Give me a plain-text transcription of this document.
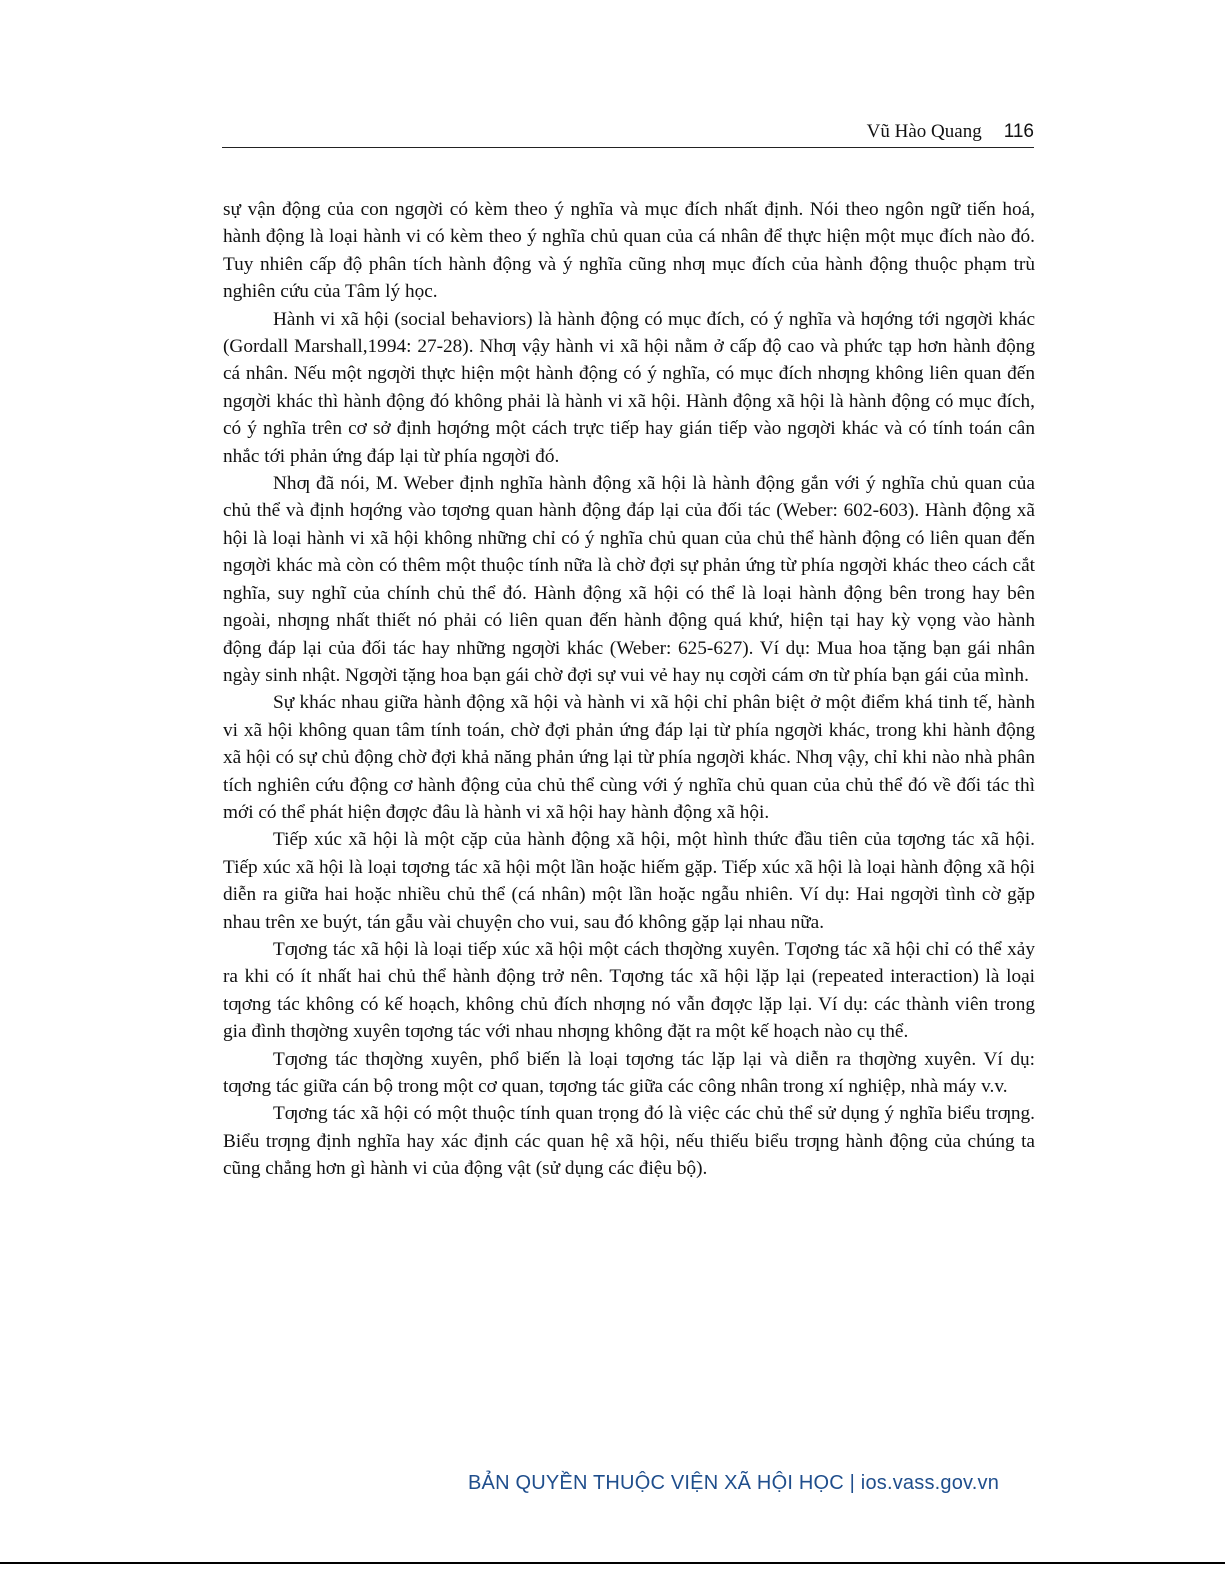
Vũ Hào Quang 116

sự vận động của con ngƣời có kèm theo ý nghĩa và mục đích nhất định. Nói theo ngôn ngữ tiến hoá, hành động là loại hành vi có kèm theo ý nghĩa chủ quan của cá nhân để thực hiện một mục đích nào đó. Tuy nhiên cấp độ phân tích hành động và ý nghĩa cũng nhƣ mục đích của hành động thuộc phạm trù nghiên cứu của Tâm lý học.

Hành vi xã hội (social behaviors) là hành động có mục đích, có ý nghĩa và hƣớng tới ngƣời khác (Gordall Marshall,1994: 27-28). Nhƣ vậy hành vi xã hội nằm ở cấp độ cao và phức tạp hơn hành động cá nhân. Nếu một ngƣời thực hiện một hành động có ý nghĩa, có mục đích nhƣng không liên quan đến ngƣời khác thì hành động đó không phải là hành vi xã hội. Hành động xã hội là hành động có mục đích, có ý nghĩa trên cơ sở định hƣớng một cách trực tiếp hay gián tiếp vào ngƣời khác và có tính toán cân nhắc tới phản ứng đáp lại từ phía ngƣời đó.

Nhƣ đã nói, M. Weber định nghĩa hành động xã hội là hành động gắn với ý nghĩa chủ quan của chủ thể và định hƣớng vào tƣơng quan hành động đáp lại của đối tác (Weber: 602-603). Hành động xã hội là loại hành vi xã hội không những chỉ có ý nghĩa chủ quan của chủ thể hành động có liên quan đến ngƣời khác mà còn có thêm một thuộc tính nữa là chờ đợi sự phản ứng từ phía ngƣời khác theo cách cắt nghĩa, suy nghĩ của chính chủ thể đó. Hành động xã hội có thể là loại hành động bên trong hay bên ngoài, nhƣng nhất thiết nó phải có liên quan đến hành động quá khứ, hiện tại hay kỳ vọng vào hành động đáp lại của đối tác hay những ngƣời khác (Weber: 625-627). Ví dụ: Mua hoa tặng bạn gái nhân ngày sinh nhật. Ngƣời tặng hoa bạn gái chờ đợi sự vui vẻ hay nụ cƣời cám ơn từ phía bạn gái của mình.

Sự khác nhau giữa hành động xã hội và hành vi xã hội chỉ phân biệt ở một điểm khá tinh tế, hành vi xã hội không quan tâm tính toán, chờ đợi phản ứng đáp lại từ phía ngƣời khác, trong khi hành động xã hội có sự chủ động chờ đợi khả năng phản ứng lại từ phía ngƣời khác. Nhƣ vậy, chỉ khi nào nhà phân tích nghiên cứu động cơ hành động của chủ thể cùng với ý nghĩa chủ quan của chủ thể đó về đối tác thì mới có thể phát hiện đƣợc đâu là hành vi xã hội hay hành động xã hội.

Tiếp xúc xã hội là một cặp của hành động xã hội, một hình thức đầu tiên của tƣơng tác xã hội. Tiếp xúc xã hội là loại tƣơng tác xã hội một lần hoặc hiếm gặp. Tiếp xúc xã hội là loại hành động xã hội diễn ra giữa hai hoặc nhiều chủ thể (cá nhân) một lần hoặc ngẫu nhiên. Ví dụ: Hai ngƣời tình cờ gặp nhau trên xe buýt, tán gẫu vài chuyện cho vui, sau đó không gặp lại nhau nữa.

Tƣơng tác xã hội là loại tiếp xúc xã hội một cách thƣờng xuyên. Tƣơng tác xã hội chỉ có thể xảy ra khi có ít nhất hai chủ thể hành động trở nên. Tƣơng tác xã hội lặp lại (repeated interaction) là loại tƣơng tác không có kế hoạch, không chủ đích nhƣng nó vẫn đƣợc lặp lại. Ví dụ: các thành viên trong gia đình thƣờng xuyên tƣơng tác với nhau nhƣng không đặt ra một kế hoạch nào cụ thể.

Tƣơng tác thƣờng xuyên, phổ biến là loại tƣơng tác lặp lại và diễn ra thƣờng xuyên. Ví dụ: tƣơng tác giữa cán bộ trong một cơ quan, tƣơng tác giữa các công nhân trong xí nghiệp, nhà máy v.v.

Tƣơng tác xã hội có một thuộc tính quan trọng đó là việc các chủ thể sử dụng ý nghĩa biểu trƣng. Biểu trƣng định nghĩa hay xác định các quan hệ xã hội, nếu thiếu biểu trƣng hành động của chúng ta cũng chẳng hơn gì hành vi của động vật (sử dụng các điệu bộ).

BẢN QUYỀN THUỘC VIỆN XÃ HỘI HỌC | ios.vass.gov.vn
